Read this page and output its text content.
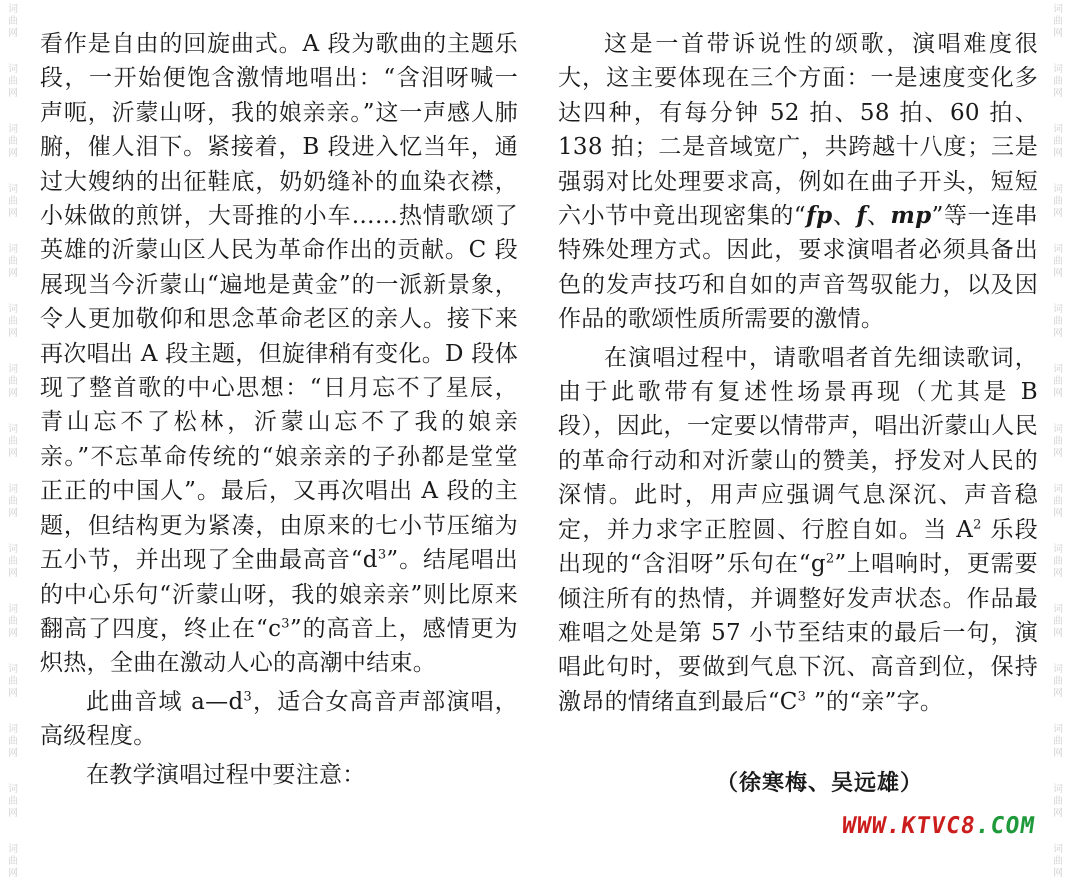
词
曲
网
词
曲
网
词
曲
网
词
曲
网
词
曲
网
词
曲
网
词
曲
网
词
曲
网
词
曲
网
词
曲
网
词
曲
网
词
曲
网
词
曲
网
词
曲
网
词
曲
网
词
曲
网
词
曲
网
词
曲
网
词
曲
网
词
曲
网
词
曲
网
词
曲
网
词
曲
网
词
曲
网
词
曲
网
词
曲
网
词
曲
网
词
曲
网
词
曲
网
词
曲
网

看作是自由的回旋曲式。A 段为歌曲的主题乐段，一开始便饱含激情地唱出：“含泪呀喊一声呃，沂蒙山呀，我的娘亲亲。”这一声感人肺腑，催人泪下。紧接着，B 段进入忆当年，通过大嫂纳的出征鞋底，奶奶缝补的血染衣襟，小妹做的煎饼，大哥推的小车……热情歌颂了英雄的沂蒙山区人民为革命作出的贡献。C 段展现当今沂蒙山“遍地是黄金”的一派新景象，令人更加敬仰和思念革命老区的亲人。接下来再次唱出 A 段主题，但旋律稍有变化。D 段体现了整首歌的中心思想：“日月忘不了星辰，青山忘不了松林，沂蒙山忘不了我的娘亲亲。”不忘革命传统的“娘亲亲的子孙都是堂堂正正的中国人”。最后，又再次唱出 A 段的主题，但结构更为紧凑，由原来的七小节压缩为五小节，并出现了全曲最高音“$d^3$”。结尾唱出的中心乐句“沂蒙山呀，我的娘亲亲”则比原来翻高了四度，终止在“$c^3$”的高音上，感情更为炽热，全曲在激动人心的高潮中结束。

此曲音域 $a—d^3$，适合女高音声部演唱，高级程度。

在教学演唱过程中要注意：

这是一首带诉说性的颂歌，演唱难度很大，这主要体现在三个方面：一是速度变化多达四种，有每分钟 52 拍、58 拍、60 拍、138 拍；二是音域宽广，共跨越十八度；三是强弱对比处理要求高，例如在曲子开头，短短六小节中竟出现密集的“fp、f、mp”等一连串特殊处理方式。因此，要求演唱者必须具备出色的发声技巧和自如的声音驾驭能力，以及因作品的歌颂性质所需要的激情。

在演唱过程中，请歌唱者首先细读歌词，由于此歌带有复述性场景再现（尤其是 B 段），因此，一定要以情带声，唱出沂蒙山人民的革命行动和对沂蒙山的赞美，抒发对人民的深情。此时，用声应强调气息深沉、声音稳定，并力求字正腔圆、行腔自如。当 $A^2$ 乐段出现的“含泪呀”乐句在“$g^2$”上唱响时，更需要倾注所有的热情，并调整好发声状态。作品最难唱之处是第 57 小节至结束的最后一句，演唱此句时，要做到气息下沉、高音到位，保持激昂的情绪直到最后“$C^3$ ”的“亲”字。

（徐寒梅、吴远雄）
WWW.KTVC8.COM
